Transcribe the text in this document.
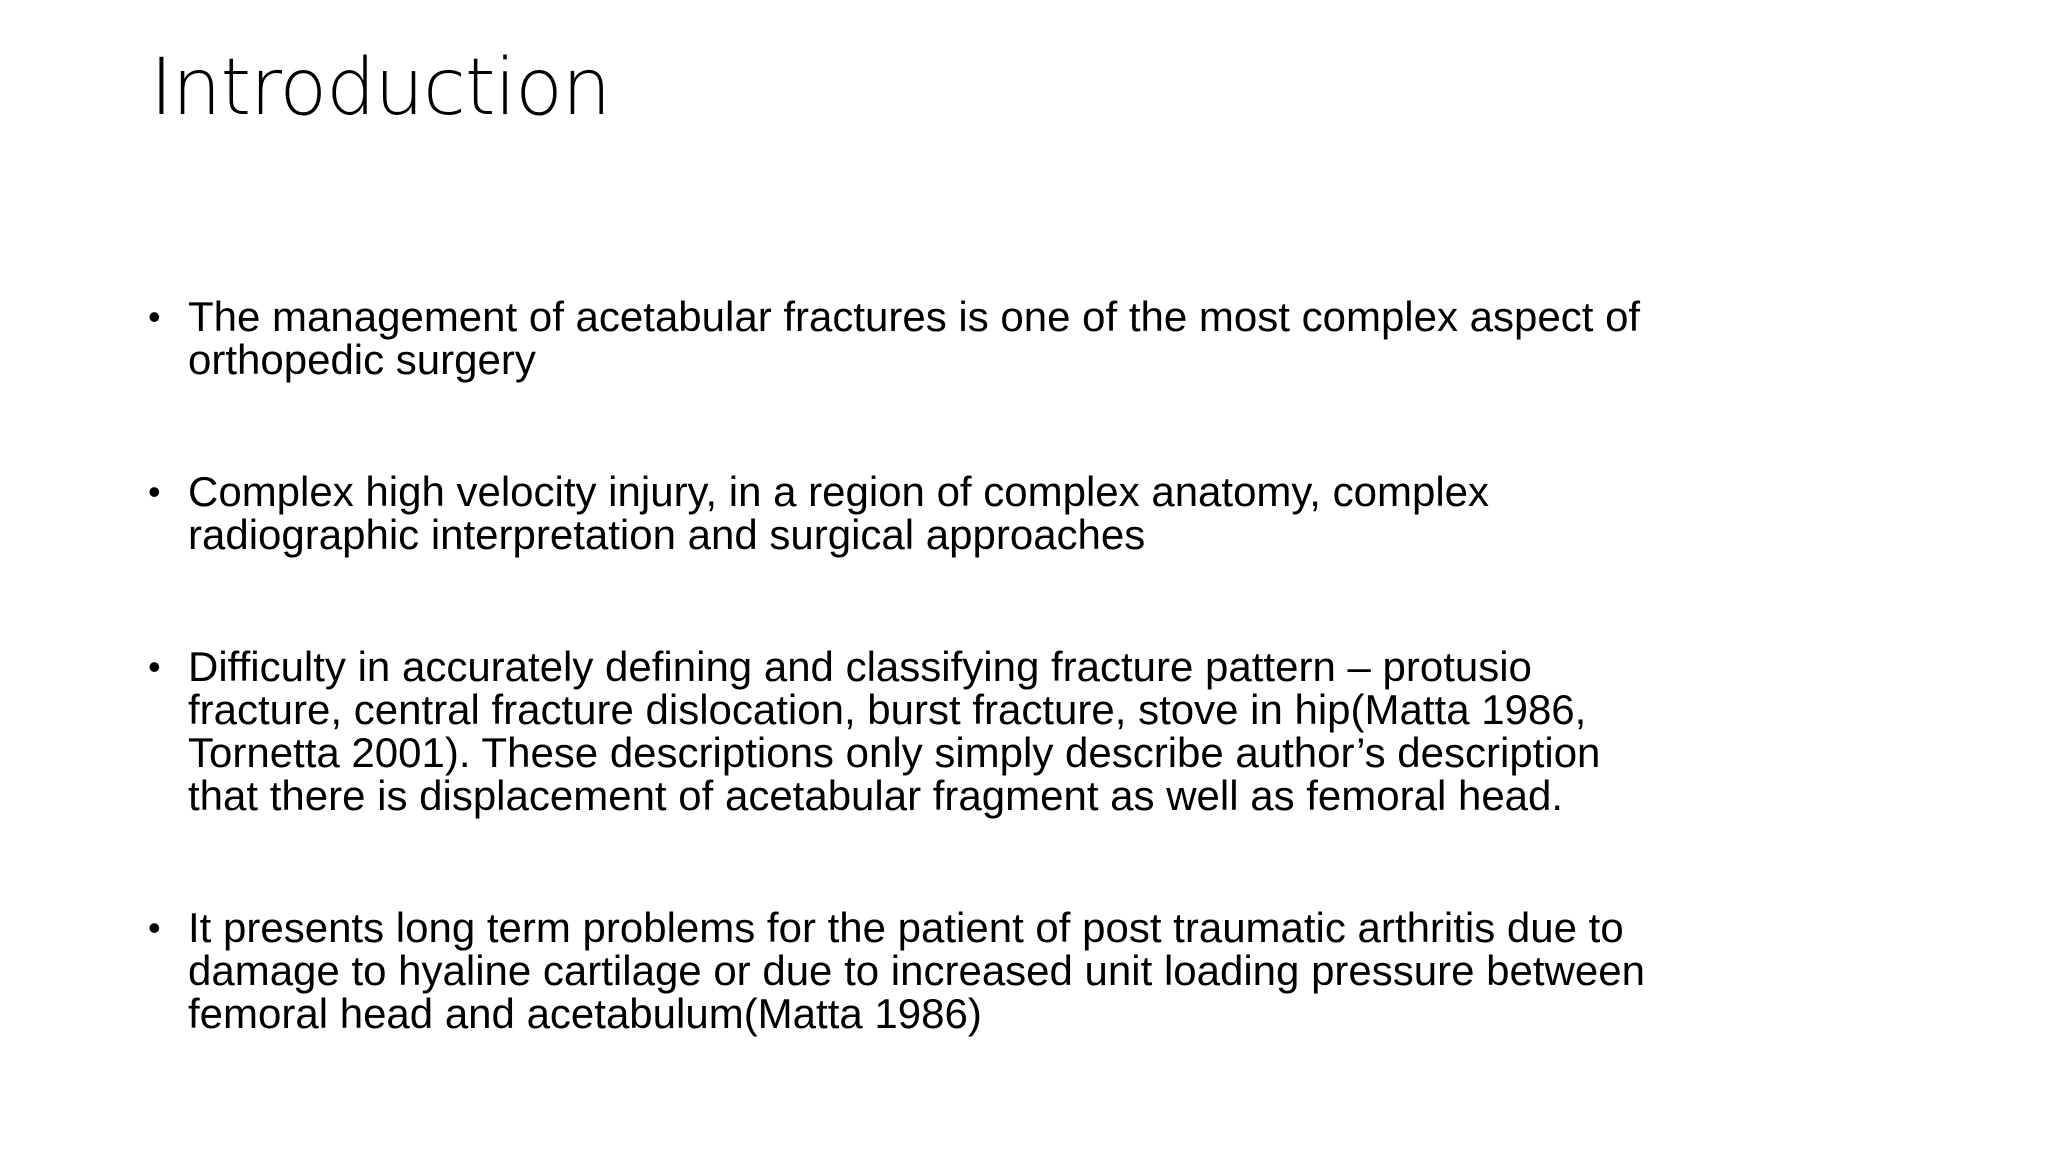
Introduction
• The management of acetabular fractures is one of the most complex aspect of
orthopedic surgery
• Complex high velocity injury, in a region of complex anatomy, complex
radiographic interpretation and surgical approaches
• Difficulty in accurately defining and classifying fracture pattern – protusio
fracture, central fracture dislocation, burst fracture, stove in hip(Matta 1986,
Tornetta 2001). These descriptions only simply describe author’s description
that there is displacement of acetabular fragment as well as femoral head.
• It presents long term problems for the patient of post traumatic arthritis due to
damage to hyaline cartilage or due to increased unit loading pressure between
femoral head and acetabulum(Matta 1986)
